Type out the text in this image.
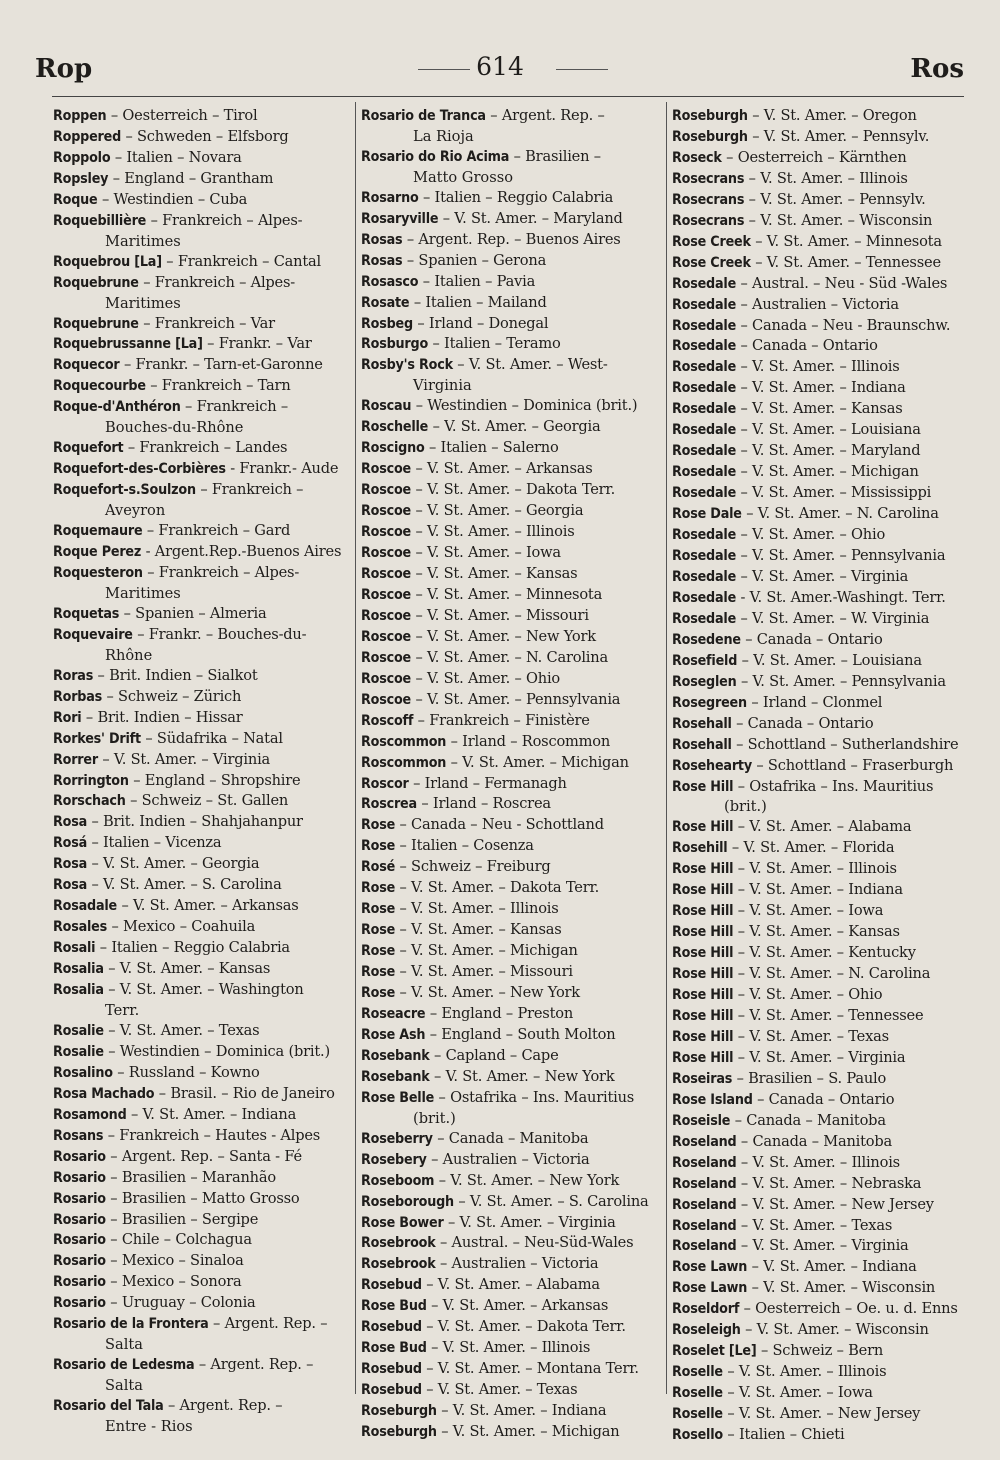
Rop	614	Ros
Roppen – Oesterreich – Tirol
Roppered – Schweden – Elfsborg
Roppolo – Italien – Novara
Ropsley – England – Grantham
Roque – Westindien – Cuba
Roquebillière – Frankreich – Alpes-
Maritimes
Roquebrou [La] – Frankreich – Cantal
Roquebrune – Frankreich – Alpes-
Maritimes
Roquebrune – Frankreich – Var
Roquebrussanne [La] – Frankr. – Var
Roquecor – Frankr. – Tarn-et-Garonne
Roquecourbe – Frankreich – Tarn
Roque-d'Anthéron – Frankreich –
Bouches-du-Rhône
Roquefort – Frankreich – Landes
Roquefort-des-Corbières - Frankr.- Aude
Roquefort-s.Soulzon – Frankreich –
Aveyron
Roquemaure – Frankreich – Gard
Roque Perez - Argent.Rep.-Buenos Aires
Roquesteron – Frankreich – Alpes-
Maritimes
Roquetas – Spanien – Almeria
Roquevaire – Frankr. – Bouches-du-
Rhône
Roras – Brit. Indien – Sialkot
Rorbas – Schweiz – Zürich
Rori – Brit. Indien – Hissar
Rorkes' Drift – Südafrika – Natal
Rorrer – V. St. Amer. – Virginia
Rorrington – England – Shropshire
Rorschach – Schweiz – St. Gallen
Rosa – Brit. Indien – Shahjahanpur
Rosá – Italien – Vicenza
Rosa – V. St. Amer. – Georgia
Rosa – V. St. Amer. – S. Carolina
Rosadale – V. St. Amer. – Arkansas
Rosales – Mexico – Coahuila
Rosali – Italien – Reggio Calabria
Rosalia – V. St. Amer. – Kansas
Rosalia – V. St. Amer. – Washington
Terr.
Rosalie – V. St. Amer. – Texas
Rosalie – Westindien – Dominica (brit.)
Rosalino – Russland – Kowno
Rosa Machado – Brasil. – Rio de Janeiro
Rosamond – V. St. Amer. – Indiana
Rosans – Frankreich – Hautes - Alpes
Rosario – Argent. Rep. – Santa - Fé
Rosario – Brasilien – Maranhão
Rosario – Brasilien – Matto Grosso
Rosario – Brasilien – Sergipe
Rosario – Chile – Colchagua
Rosario – Mexico – Sinaloa
Rosario – Mexico – Sonora
Rosario – Uruguay – Colonia
Rosario de la Frontera – Argent. Rep. –
Salta
Rosario de Ledesma – Argent. Rep. –
Salta
Rosario del Tala – Argent. Rep. –
Entre - Rios
Rosario de Tranca – Argent. Rep. –
La Rioja
Rosario do Rio Acima – Brasilien –
Matto Grosso
Rosarno – Italien – Reggio Calabria
Rosaryville – V. St. Amer. – Maryland
Rosas – Argent. Rep. – Buenos Aires
Rosas – Spanien – Gerona
Rosasco – Italien – Pavia
Rosate – Italien – Mailand
Rosbeg – Irland – Donegal
Rosburgo – Italien – Teramo
Rosby's Rock – V. St. Amer. – West-
Virginia
Roscau – Westindien – Dominica (brit.)
Roschelle – V. St. Amer. – Georgia
Roscigno – Italien – Salerno
Roscoe – V. St. Amer. – Arkansas
Roscoe – V. St. Amer. – Dakota Terr.
Roscoe – V. St. Amer. – Georgia
Roscoe – V. St. Amer. – Illinois
Roscoe – V. St. Amer. – Iowa
Roscoe – V. St. Amer. – Kansas
Roscoe – V. St. Amer. – Minnesota
Roscoe – V. St. Amer. – Missouri
Roscoe – V. St. Amer. – New York
Roscoe – V. St. Amer. – N. Carolina
Roscoe – V. St. Amer. – Ohio
Roscoe – V. St. Amer. – Pennsylvania
Roscoff – Frankreich – Finistère
Roscommon – Irland – Roscommon
Roscommon – V. St. Amer. – Michigan
Roscor – Irland – Fermanagh
Roscrea – Irland – Roscrea
Rose – Canada – Neu - Schottland
Rose – Italien – Cosenza
Rosé – Schweiz – Freiburg
Rose – V. St. Amer. – Dakota Terr.
Rose – V. St. Amer. – Illinois
Rose – V. St. Amer. – Kansas
Rose – V. St. Amer. – Michigan
Rose – V. St. Amer. – Missouri
Rose – V. St. Amer. – New York
Roseacre – England – Preston
Rose Ash – England – South Molton
Rosebank – Capland – Cape
Rosebank – V. St. Amer. – New York
Rose Belle – Ostafrika – Ins. Mauritius
(brit.)
Roseberry – Canada – Manitoba
Rosebery – Australien – Victoria
Roseboom – V. St. Amer. – New York
Roseborough – V. St. Amer. – S. Carolina
Rose Bower – V. St. Amer. – Virginia
Rosebrook – Austral. – Neu-Süd-Wales
Rosebrook – Australien – Victoria
Rosebud – V. St. Amer. – Alabama
Rose Bud – V. St. Amer. – Arkansas
Rosebud – V. St. Amer. – Dakota Terr.
Rose Bud – V. St. Amer. – Illinois
Rosebud – V. St. Amer. – Montana Terr.
Rosebud – V. St. Amer. – Texas
Roseburgh – V. St. Amer. – Indiana
Roseburgh – V. St. Amer. – Michigan
Roseburgh – V. St. Amer. – Oregon
Roseburgh – V. St. Amer. – Pennsylv.
Roseck – Oesterreich – Kärnthen
Rosecrans – V. St. Amer. – Illinois
Rosecrans – V. St. Amer. – Pennsylv.
Rosecrans – V. St. Amer. – Wisconsin
Rose Creek – V. St. Amer. – Minnesota
Rose Creek – V. St. Amer. – Tennessee
Rosedale – Austral. – Neu - Süd -Wales
Rosedale – Australien – Victoria
Rosedale – Canada – Neu - Braunschw.
Rosedale – Canada – Ontario
Rosedale – V. St. Amer. – Illinois
Rosedale – V. St. Amer. – Indiana
Rosedale – V. St. Amer. – Kansas
Rosedale – V. St. Amer. – Louisiana
Rosedale – V. St. Amer. – Maryland
Rosedale – V. St. Amer. – Michigan
Rosedale – V. St. Amer. – Mississippi
Rose Dale – V. St. Amer. – N. Carolina
Rosedale – V. St. Amer. – Ohio
Rosedale – V. St. Amer. – Pennsylvania
Rosedale – V. St. Amer. – Virginia
Rosedale - V. St. Amer.-Washingt. Terr.
Rosedale – V. St. Amer. – W. Virginia
Rosedene – Canada – Ontario
Rosefield – V. St. Amer. – Louisiana
Roseglen – V. St. Amer. – Pennsylvania
Rosegreen – Irland – Clonmel
Rosehall – Canada – Ontario
Rosehall – Schottland – Sutherlandshire
Rosehearty – Schottland – Fraserburgh
Rose Hill – Ostafrika – Ins. Mauritius
(brit.)
Rose Hill – V. St. Amer. – Alabama
Rosehill – V. St. Amer. – Florida
Rose Hill – V. St. Amer. – Illinois
Rose Hill – V. St. Amer. – Indiana
Rose Hill – V. St. Amer. – Iowa
Rose Hill – V. St. Amer. – Kansas
Rose Hill – V. St. Amer. – Kentucky
Rose Hill – V. St. Amer. – N. Carolina
Rose Hill – V. St. Amer. – Ohio
Rose Hill – V. St. Amer. – Tennessee
Rose Hill – V. St. Amer. – Texas
Rose Hill – V. St. Amer. – Virginia
Roseiras – Brasilien – S. Paulo
Rose Island – Canada – Ontario
Roseisle – Canada – Manitoba
Roseland – Canada – Manitoba
Roseland – V. St. Amer. – Illinois
Roseland – V. St. Amer. – Nebraska
Roseland – V. St. Amer. – New Jersey
Roseland – V. St. Amer. – Texas
Roseland – V. St. Amer. – Virginia
Rose Lawn – V. St. Amer. – Indiana
Rose Lawn – V. St. Amer. – Wisconsin
Roseldorf – Oesterreich – Oe. u. d. Enns
Roseleigh – V. St. Amer. – Wisconsin
Roselet [Le] – Schweiz – Bern
Roselle – V. St. Amer. – Illinois
Roselle – V. St. Amer. – Iowa
Roselle – V. St. Amer. – New Jersey
Rosello – Italien – Chieti
